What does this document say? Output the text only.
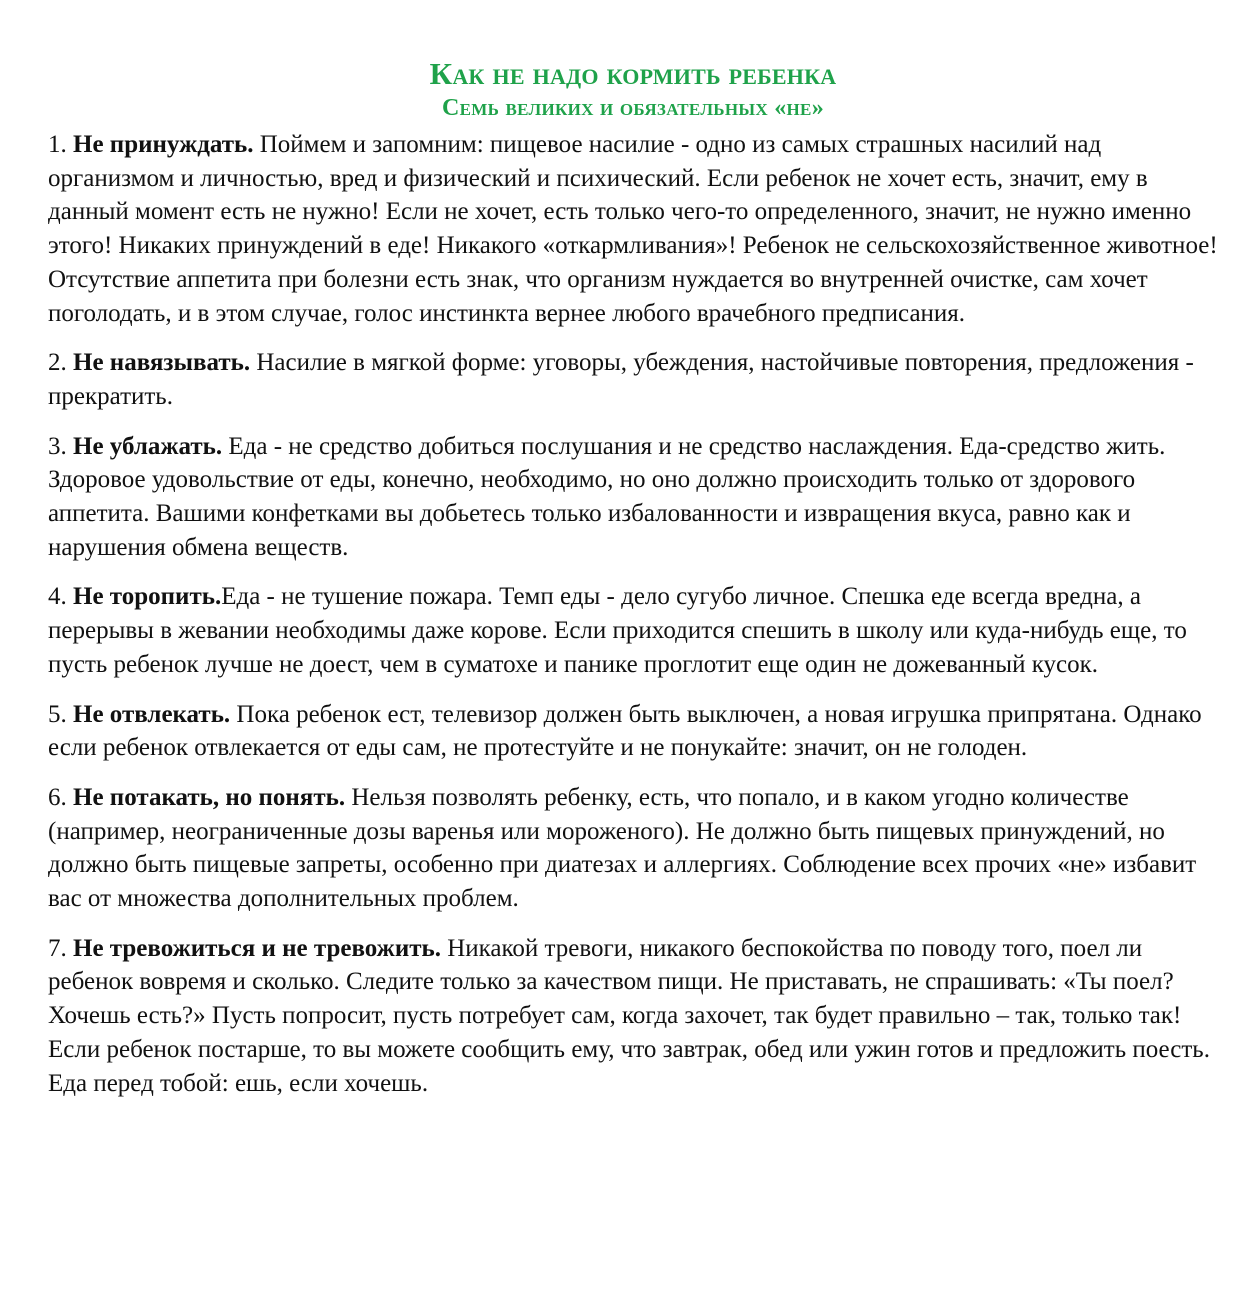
Как не надо кормить ребенка
Семь великих и обязательных «не»

1. Не принуждать. Поймем и запомним: пищевое насилие - одно из самых страшных насилий над организмом и личностью, вред и физический и психический. Если ребенок не хочет есть, значит, ему в данный момент есть не нужно! Если не хочет, есть только чего-то определенного, значит, не нужно именно этого! Никаких принуждений в еде! Никакого «откармливания»! Ребенок не сельскохозяйственное животное! Отсутствие аппетита при болезни есть знак, что организм нуждается во внутренней очистке, сам хочет поголодать, и в этом случае, голос инстинкта вернее любого врачебного предписания.

2. Не навязывать. Насилие в мягкой форме: уговоры, убеждения, настойчивые повторения, предложения - прекратить.

3. Не ублажать. Еда - не средство добиться послушания и не средство наслаждения. Еда-средство жить. Здоровое удовольствие от еды, конечно, необходимо, но оно должно происходить только от здорового аппетита. Вашими конфетками вы добьетесь только избалованности и извращения вкуса, равно как и нарушения обмена веществ.

4. Не торопить.Еда - не тушение пожара. Темп еды - дело сугубо личное. Спешка еде всегда вредна, а перерывы в жевании необходимы даже корове. Если приходится спешить в школу или куда-нибудь еще, то пусть ребенок лучше не доест, чем в суматохе и панике проглотит еще один не дожеванный кусок.

5. Не отвлекать. Пока ребенок ест, телевизор должен быть выключен, а новая игрушка припрятана. Однако если ребенок отвлекается от еды сам, не протестуйте и не понукайте: значит, он не голоден.

6. Не потакать, но понять. Нельзя позволять ребенку, есть, что попало, и в каком угодно количестве (например, неограниченные дозы варенья или мороженого). Не должно быть пищевых принуждений, но должно быть пищевые запреты, особенно при диатезах и аллергиях. Соблюдение всех прочих «не» избавит вас от множества дополнительных проблем.

7. Не тревожиться и не тревожить. Никакой тревоги, никакого беспокойства по поводу того, поел ли ребенок вовремя и сколько. Следите только за качеством пищи. Не приставать, не спрашивать: «Ты поел? Хочешь есть?» Пусть попросит, пусть потребует сам, когда захочет, так будет правильно – так, только так! Если ребенок постарше, то вы можете сообщить ему, что завтрак, обед или ужин готов и предложить поесть. Еда перед тобой: ешь, если хочешь.
